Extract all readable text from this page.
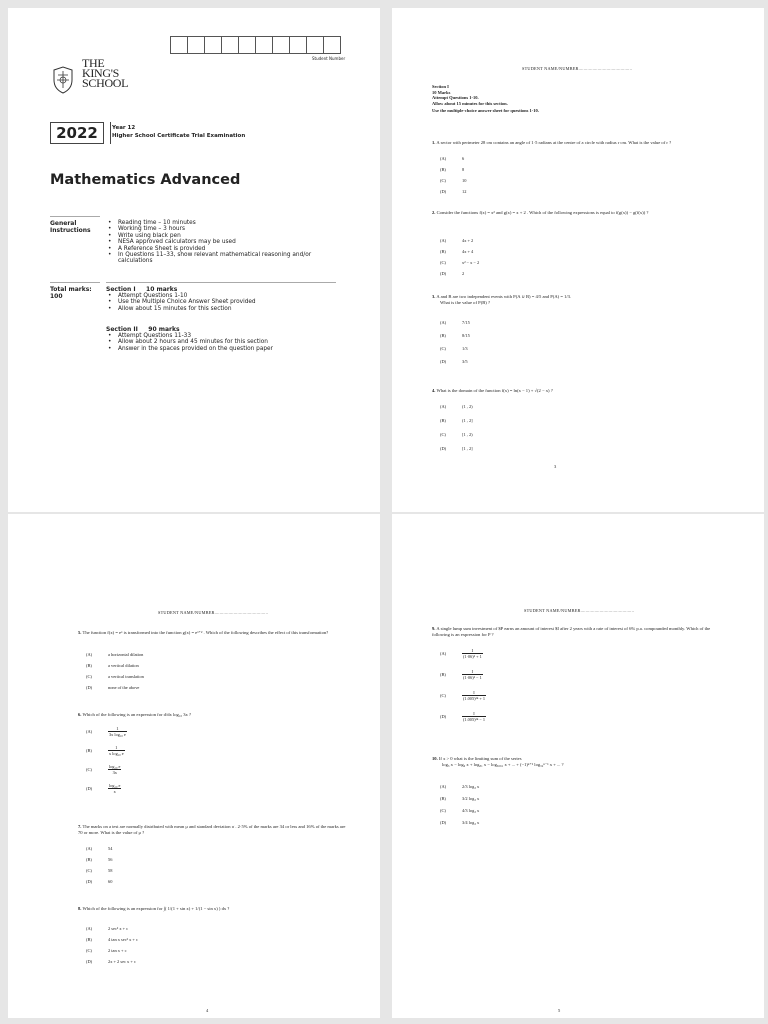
Student Number
THE
KING'S
SCHOOL
2022	Year 12
Higher School Certificate Trial Examination
Mathematics Advanced
General
Instructions
• Reading time – 10 minutes
• Working time – 3 hours
• Write using black pen
• NESA approved calculators may be used
• A Reference Sheet is provided
• In Questions 11–33, show relevant mathematical reasoning and/or calculations
Total marks:
100
Section I 10 marks
• Attempt Questions 1-10
• Use the Multiple Choice Answer Sheet provided
• Allow about 15 minutes for this section
Section II 90 marks
• Attempt Questions 11-33
• Allow about 2 hours and 45 minutes for this section
• Answer in the spaces provided on the question paper
STUDENT NAME/NUMBER..........................................
Section I
10 Marks
Attempt Questions 1-10.
Allow about 15 minutes for this section.
Use the multiple-choice answer sheet for questions 1-10.
1. A sector with perimeter 28 cm contains an angle of 1·5 radians at the centre of a circle with radius r cm. What is the value of r ?
(A)	6
(B)	8
(C)	10
(D)	12
2. Consider the functions f(x) = x² and g(x) = x + 2 . Which of the following expressions is equal to f(g(x)) − g(f(x)) ?
(A)	4x + 2
(B)	4x + 4
(C)	x² − x − 2
(D)	2
3. A and B are two independent events with P(A ∪ B) = 4/5 and P(A) = 1/3.
What is the value of P(B) ?
(A)	7/15
(B)	8/15
(C)	1/3
(D)	3/5
4. What is the domain of the function f(x) = ln(x − 1) + √(2 − x) ?
(A)	(1 , 2)
(B)	(1 , 2]
(C)	[1 , 2)
(D)	[1 , 2]
3
STUDENT NAME/NUMBER..........................................
5. The function f(x) = eˣ is transformed into the function g(x) = eˣ⁺² . Which of the following describes the effect of this transformation?
(A)	a horizontal dilation
(B)	a vertical dilation
(C)	a vertical translation
(D)	none of the above
6. Which of the following is an expression for d/dx log₁₀ 3x ?
(A)	$\frac{1}{\text{3x log₁₀ e}}$
(B)	$\frac{1}{\text{x log₁₀ e}}$
(C)	$\frac{\text{log₁₀ e}}{3x}$
(D)	$\frac{\text{log₁₀ e}}{x}$
7. The marks on a test are normally distributed with mean μ and standard deviation σ . 2·5% of the marks are 34 or less and 16% of the marks are 70 or more. What is the value of μ ?
(A)	54
(B)	56
(C)	58
(D)	60
8. Which of the following is an expression for ∫( 1/(1 + sin x) + 1/(1 − sin x) ) dx ?
(A)	2 sec² x + c
(B)	4 tan x sec² x + c
(C)	2 tan x + c
(D)	2x + 2 sec x + c
4
STUDENT NAME/NUMBER..........................................
9. A single lump sum investment of $P earns an amount of interest $I after 2 years with a rate of interest of 6% p.a. compounded monthly. Which of the following is an expression for P ?
(A)	$\frac{I}{\text{(1·06)² + 1}}$
(B)	$\frac{I}{\text{(1·06)² − 1}}$
(C)	$\frac{I}{\text{(1.005)²⁴ + 1}}$
(D)	$\frac{I}{\text{(1.005)²⁴ − 1}}$
10. If x > 0 what is the limiting sum of the series
log₃ x − log₉ x + log₈₁ x − log₆₅₆₁ x + ... + (−1)ⁿ⁺¹ log₃₂ⁿ⁻¹ x + ... ?
(A)	2/3 log₃ x
(B)	3/2 log₃ x
(C)	4/3 log₃ x
(D)	3/4 log₃ x
5
